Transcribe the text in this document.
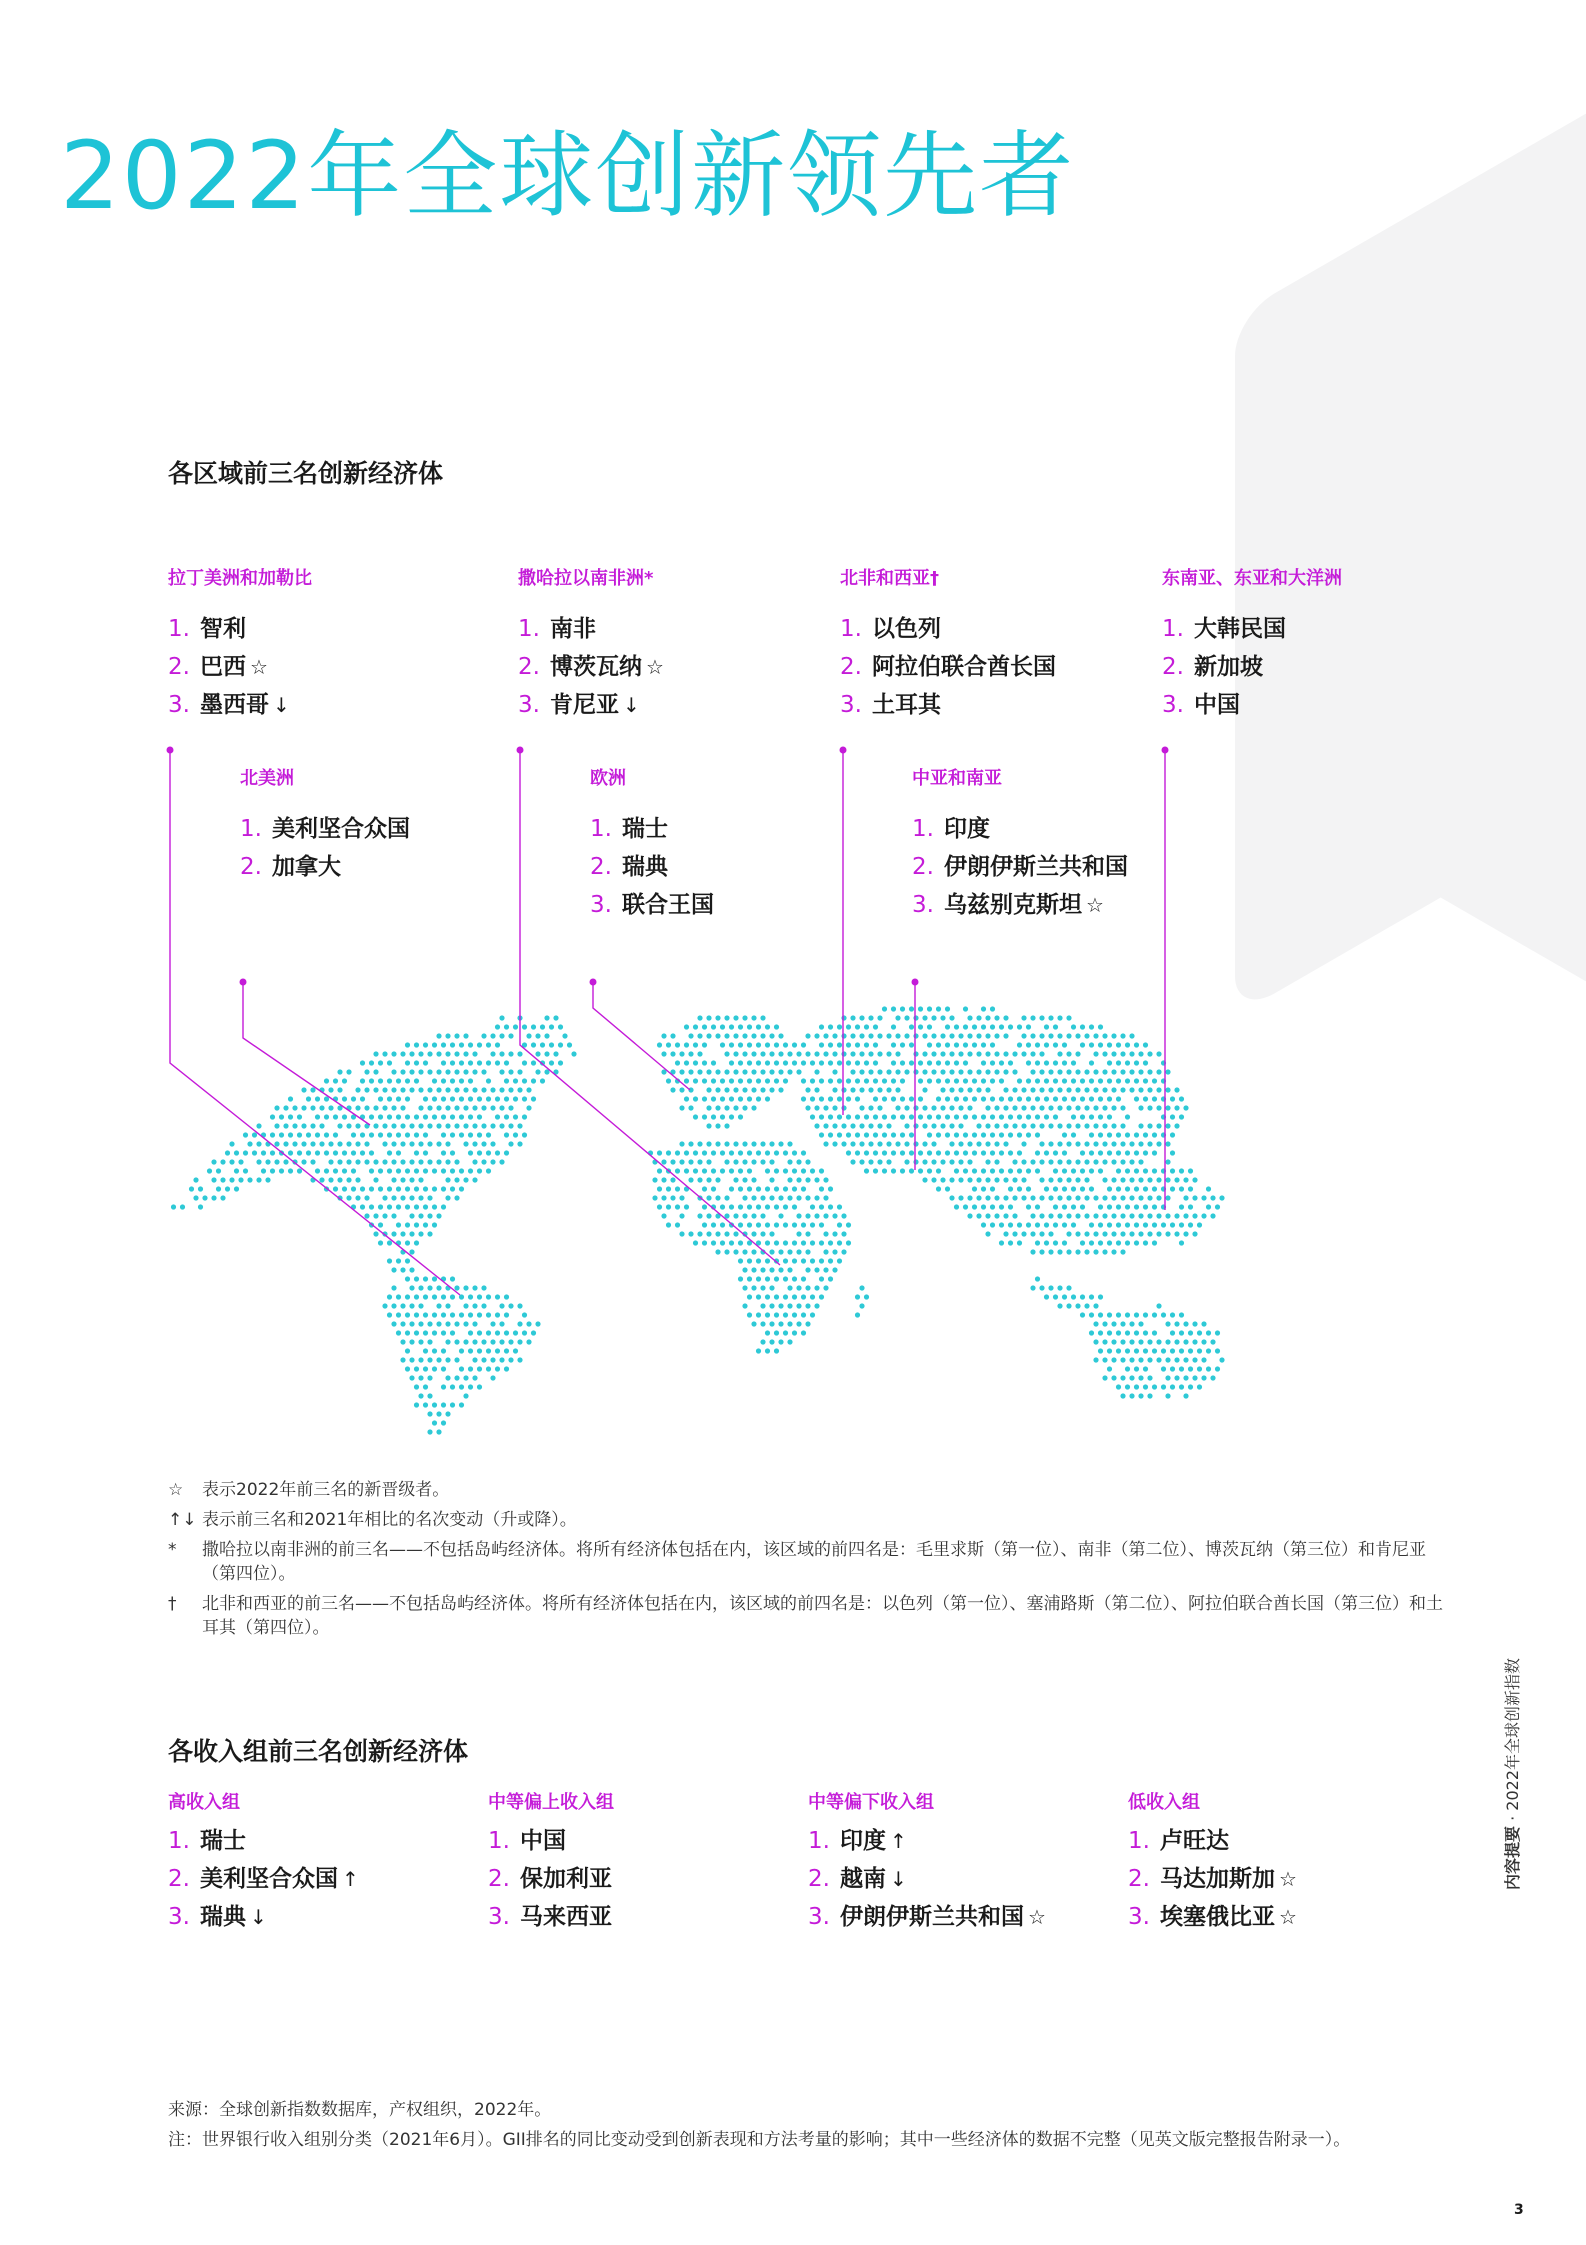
2022年全球创新领先者
各区域前三名创新经济体
拉丁美洲和加勒比
1. 智利
2. 巴西 ☆
3. 墨西哥 ↓
北美洲
1. 美利坚合众国
2. 加拿大
撒哈拉以南非洲*
1. 南非
2. 博茨瓦纳 ☆
3. 肯尼亚 ↓
欧洲
1. 瑞士
2. 瑞典
3. 联合王国
北非和西亚†
1. 以色列
2. 阿拉伯联合酋长国
3. 土耳其
中亚和南亚
1. 印度
2. 伊朗伊斯兰共和国
3. 乌兹别克斯坦 ☆
东南亚、东亚和大洋洲
1. 大韩民国
2. 新加坡
3. 中国
☆	表示2022年前三名的新晋级者。
↑↓ 表示前三名和2021年相比的名次变动（升或降）。
*	撒哈拉以南非洲的前三名——不包括岛屿经济体。将所有经济体包括在内，该区域的前四名是：毛里求斯（第一位）、南非（第二位）、博茨瓦纳（第三位）和肯尼亚（第四位）。
†	北非和西亚的前三名——不包括岛屿经济体。将所有经济体包括在内，该区域的前四名是：以色列（第一位）、塞浦路斯（第二位）、阿拉伯联合酋长国（第三位）和土耳其（第四位）。
各收入组前三名创新经济体
高收入组
1. 瑞士
2. 美利坚合众国 ↑
3. 瑞典 ↓
中等偏上收入组
1. 中国
2. 保加利亚
3. 马来西亚
中等偏下收入组
1. 印度 ↑
2. 越南 ↓
3. 伊朗伊斯兰共和国 ☆
低收入组
1. 卢旺达
2. 马达加斯加 ☆
3. 埃塞俄比亚 ☆
来源：全球创新指数数据库，产权组织，2022年。
注：世界银行收入组别分类（2021年6月）。GII排名的同比变动受到创新表现和方法考量的影响；其中一些经济体的数据不完整（见英文版完整报告附录一）。
内容提要 · 2022年全球创新指数
3
